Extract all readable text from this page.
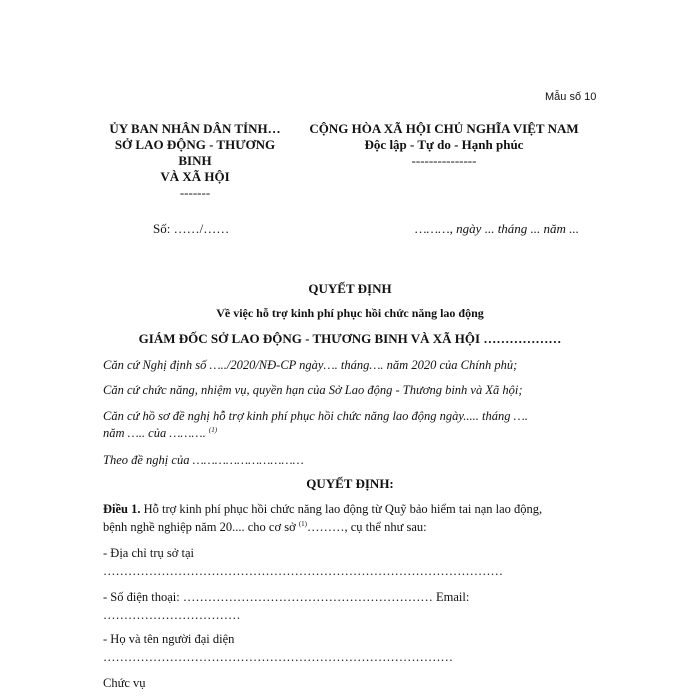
Mẫu số 10
ỦY BAN NHÂN DÂN TỈNH…
SỞ LAO ĐỘNG - THƯƠNG
BINH
VÀ XÃ HỘI
-------
CỘNG HÒA XÃ HỘI CHỦ NGHĨA VIỆT NAM
Độc lập - Tự do - Hạnh phúc
---------------
Số: ……/……	………, ngày ... tháng ... năm ...
QUYẾT ĐỊNH
Về việc hỗ trợ kinh phí phục hồi chức năng lao động
GIÁM ĐỐC SỞ LAO ĐỘNG - THƯƠNG BINH VÀ XÃ HỘI ………………
Căn cứ Nghị định số …../2020/NĐ-CP ngày…. tháng…. năm 2020 của Chính phủ;
Căn cứ chức năng, nhiệm vụ, quyền hạn của Sở Lao động - Thương binh và Xã hội;
Căn cứ hồ sơ đề nghị hỗ trợ kinh phí phục hồi chức năng lao động ngày..... tháng ….
năm ….. của ………. $^{(1)}$
Theo đề nghị của …………………………
QUYẾT ĐỊNH:
Điều 1. Hỗ trợ kinh phí phục hồi chức năng lao động từ Quỹ bảo hiểm tai nạn lao động,
bệnh nghề nghiệp năm 20.... cho cơ sở $^{(1)}$………, cụ thể như sau:
- Địa chỉ trụ sở tại
……………………………………………………………………………………
- Số điện thoại: …………………………………………………… Email:
……………………………
- Họ và tên người đại diện
…………………………………………………………………………
Chức vụ
